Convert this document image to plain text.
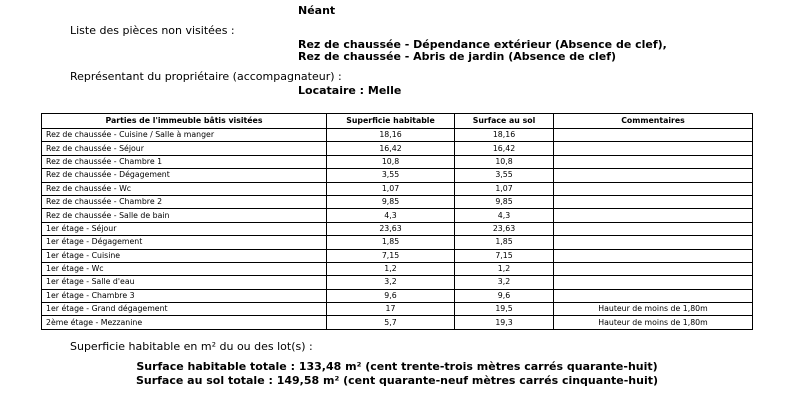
Néant
Liste des pièces non visitées :
Rez de chaussée - Dépendance extérieur (Absence de clef),
Rez de chaussée - Abris de jardin (Absence de clef)
Représentant du propriétaire (accompagnateur) :
Locataire : Melle
Parties de l'immeuble bâtis visitées	Superficie habitable	Surface au sol	Commentaires
Rez de chaussée - Cuisine / Salle à manger	18,16	18,16	
Rez de chaussée - Séjour	16,42	16,42	
Rez de chaussée - Chambre 1	10,8	10,8	
Rez de chaussée - Dégagement	3,55	3,55	
Rez de chaussée - Wc	1,07	1,07	
Rez de chaussée - Chambre 2	9,85	9,85	
Rez de chaussée - Salle de bain	4,3	4,3	
1er étage - Séjour	23,63	23,63	
1er étage - Dégagement	1,85	1,85	
1er étage - Cuisine	7,15	7,15	
1er étage - Wc	1,2	1,2	
1er étage - Salle d'eau	3,2	3,2	
1er étage - Chambre 3	9,6	9,6	
1er étage - Grand dégagement	17	19,5	Hauteur de moins de 1,80m
2ème étage - Mezzanine	5,7	19,3	Hauteur de moins de 1,80m
Superficie habitable en m² du ou des lot(s) :
Surface habitable totale : 133,48 m² (cent trente-trois mètres carrés quarante-huit)
Surface au sol totale : 149,58 m² (cent quarante-neuf mètres carrés cinquante-huit)
